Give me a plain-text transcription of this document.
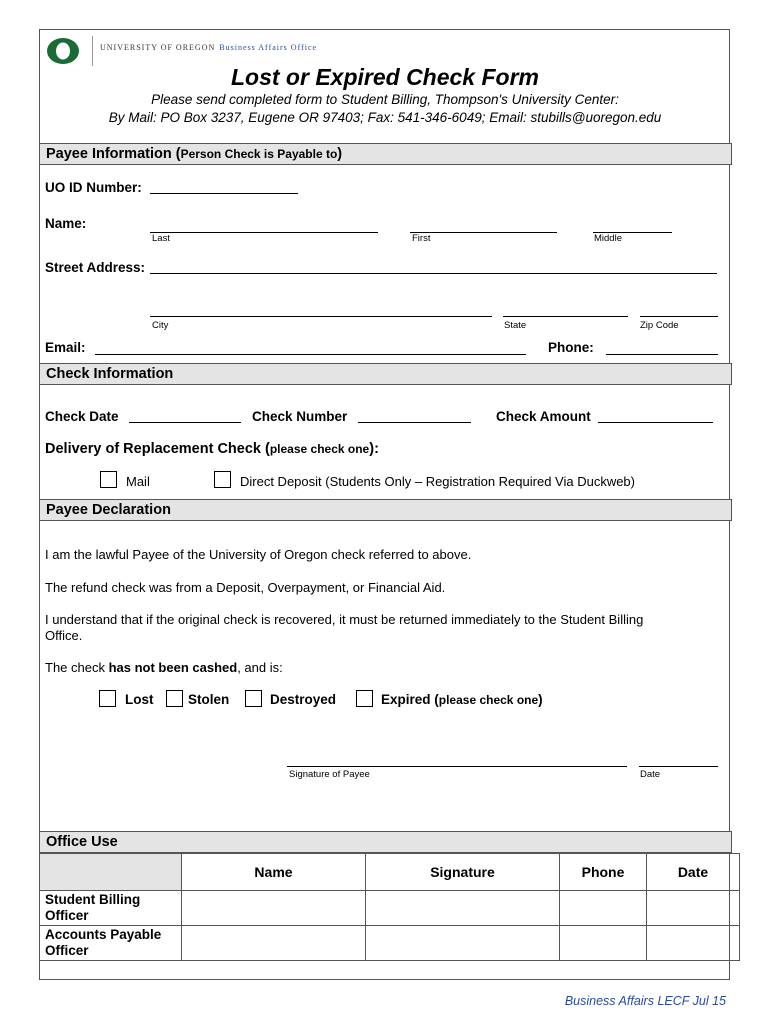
UNIVERSITY OF OREGON Business Affairs Office
Lost or Expired Check Form
Please send completed form to Student Billing, Thompson's University Center:
By Mail: PO Box 3237, Eugene OR 97403; Fax: 541-346-6049; Email: stubills@uoregon.edu
Payee Information (Person Check is Payable to)
UO ID Number:
Name:
Last	First	Middle
Street Address:
City	State	Zip Code
Email:	Phone:
Check Information
Check Date	Check Number	Check Amount
Delivery of Replacement Check (please check one):
Mail	Direct Deposit (Students Only – Registration Required Via Duckweb)
Payee Declaration
I am the lawful Payee of the University of Oregon check referred to above.
The refund check was from a Deposit, Overpayment, or Financial Aid.
I understand that if the original check is recovered, it must be returned immediately to the Student Billing
Office.
The check has not been cashed, and is:
Lost	Stolen	Destroyed	Expired (please check one)
Signature of Payee	Date
Office Use
	Name	Signature	Phone	Date
Student Billing Officer				
Accounts Payable Officer				
Business Affairs LECF Jul 15
